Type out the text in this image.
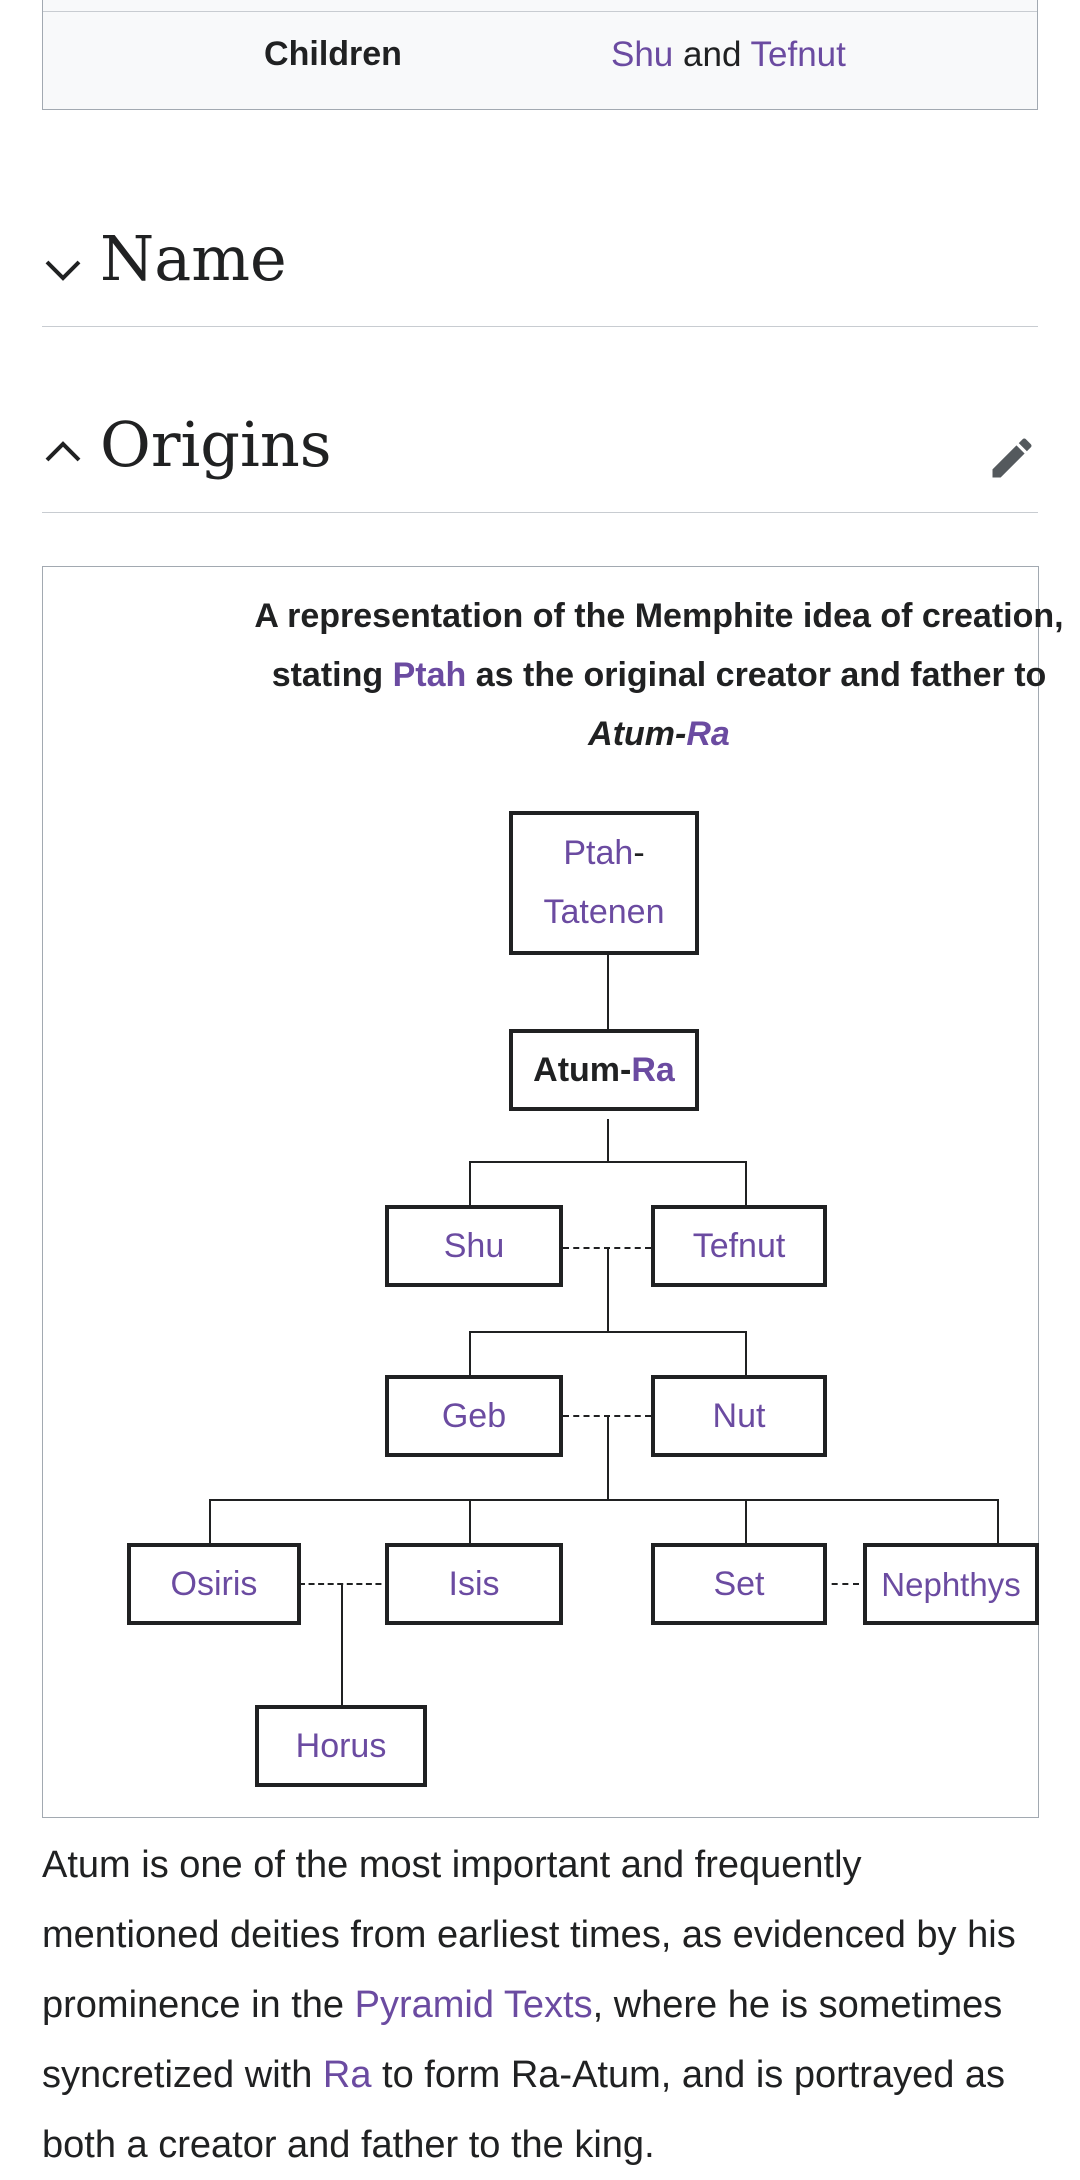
Children	Shu and Tefnut
Name
Origins
A representation of the Memphite idea of creation, stating Ptah as the original creator and father to Atum-Ra
Ptah-
Tatenen
Atum-Ra
Shu	Tefnut
Geb	Nut
Osiris	Isis	Set	Nephthys
Horus

Atum is one of the most important and frequently mentioned deities from earliest times, as evidenced by his prominence in the Pyramid Texts, where he is sometimes syncretized with Ra to form Ra-Atum, and is portrayed as both a creator and father to the king.
